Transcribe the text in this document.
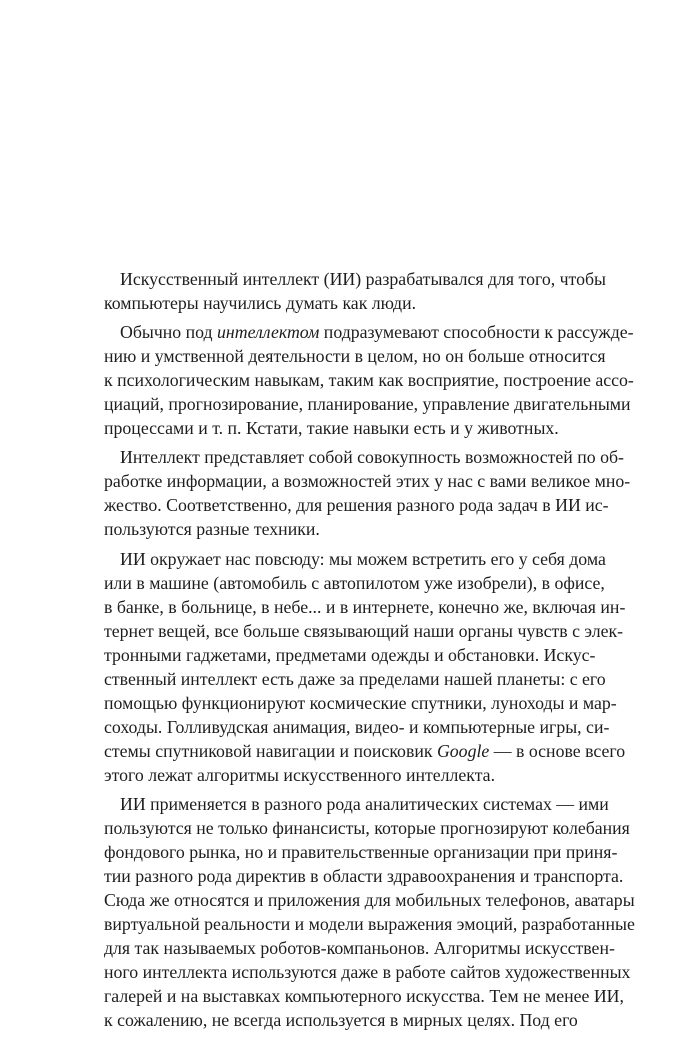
Искусственный интеллект (ИИ) разрабатывался для того, чтобы
компьютеры научились думать как люди.
Обычно под интеллектом подразумевают способности к рассужде-
нию и умственной деятельности в целом, но он больше относится
к психологическим навыкам, таким как восприятие, построение ассо-
циаций, прогнозирование, планирование, управление двигательными
процессами и т. п. Кстати, такие навыки есть и у животных.
Интеллект представляет собой совокупность возможностей по об-
работке информации, а возможностей этих у нас с вами великое мно-
жество. Соответственно, для решения разного рода задач в ИИ ис-
пользуются разные техники.
ИИ окружает нас повсюду: мы можем встретить его у себя дома
или в машине (автомобиль с автопилотом уже изобрели), в офисе,
в банке, в больнице, в небе... и в интернете, конечно же, включая ин-
тернет вещей, все больше связывающий наши органы чувств с элек-
тронными гаджетами, предметами одежды и обстановки. Искус-
ственный интеллект есть даже за пределами нашей планеты: с его
помощью функционируют космические спутники, луноходы и мар-
соходы. Голливудская анимация, видео- и компьютерные игры, си-
стемы спутниковой навигации и поисковик Google — в основе всего
этого лежат алгоритмы искусственного интеллекта.
ИИ применяется в разного рода аналитических системах — ими
пользуются не только финансисты, которые прогнозируют колебания
фондового рынка, но и правительственные организации при приня-
тии разного рода директив в области здравоохранения и транспорта.
Сюда же относятся и приложения для мобильных телефонов, аватары
виртуальной реальности и модели выражения эмоций, разработанные
для так называемых роботов-компаньонов. Алгоритмы искусствен-
ного интеллекта используются даже в работе сайтов художественных
галерей и на выставках компьютерного искусства. Тем не менее ИИ,
к сожалению, не всегда используется в мирных целях. Под его
